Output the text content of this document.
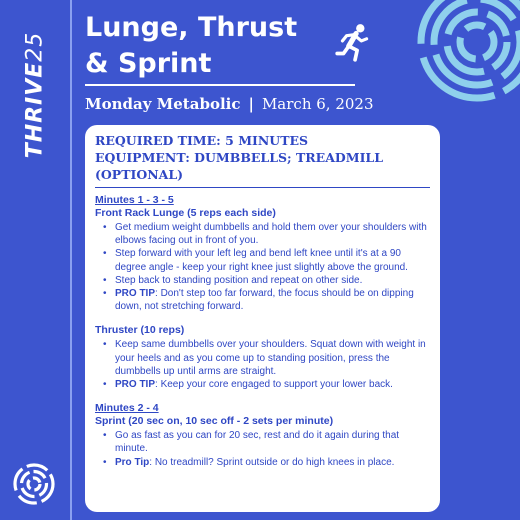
THRIVE25
Lunge, Thrust
& Sprint
Monday Metabolic | March 6, 2023
REQUIRED TIME: 5 MINUTES
EQUIPMENT: DUMBBELLS; TREADMILL (OPTIONAL)
Minutes 1 - 3 - 5
Front Rack Lunge (5 reps each side)
• Get medium weight dumbbells and hold them over your shoulders with elbows facing out in front of you.
• Step forward with your left leg and bend left knee until it's at a 90 degree angle - keep your right knee just slightly above the ground.
• Step back to standing position and repeat on other side.
• PRO TIP: Don't step too far forward, the focus should be on dipping down, not stretching forward.
Thruster (10 reps)
• Keep same dumbbells over your shoulders. Squat down with weight in your heels and as you come up to standing position, press the dumbbells up until arms are straight.
• PRO TIP: Keep your core engaged to support your lower back.
Minutes 2 - 4
Sprint (20 sec on, 10 sec off - 2 sets per minute)
• Go as fast as you can for 20 sec, rest and do it again during that minute.
• Pro Tip: No treadmill? Sprint outside or do high knees in place.
